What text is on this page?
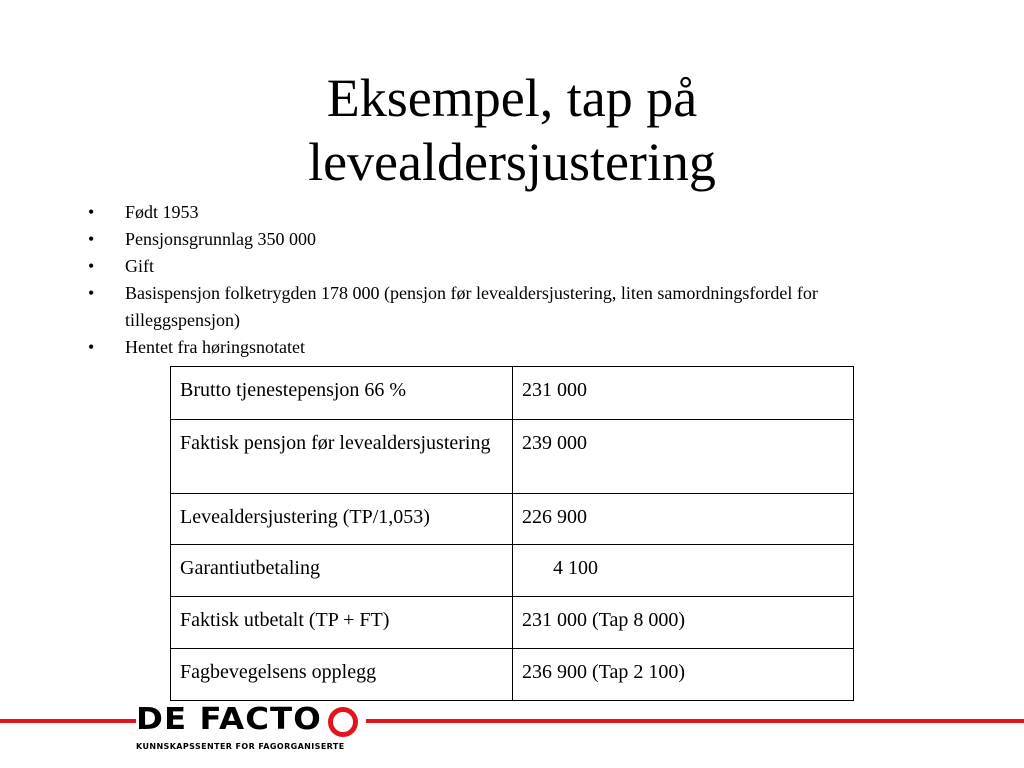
Eksempel, tap på
levealdersjustering
• Født 1953
• Pensjonsgrunnlag 350 000
• Gift
• Basispensjon folketrygden 178 000 (pensjon før levealdersjustering, liten samordningsfordel for tilleggspensjon)
• Hentet fra høringsnotatet
Brutto tjenestepensjon 66 %	231 000
Faktisk pensjon før levealdersjustering	239 000
Levealdersjustering (TP/1,053)	226 900
Garantiutbetaling	4 100
Faktisk utbetalt (TP + FT)	231 000 (Tap 8 000)
Fagbevegelsens opplegg	236 900 (Tap 2 100)
DE FACTO
KUNNSKAPSSENTER FOR FAGORGANISERTE
